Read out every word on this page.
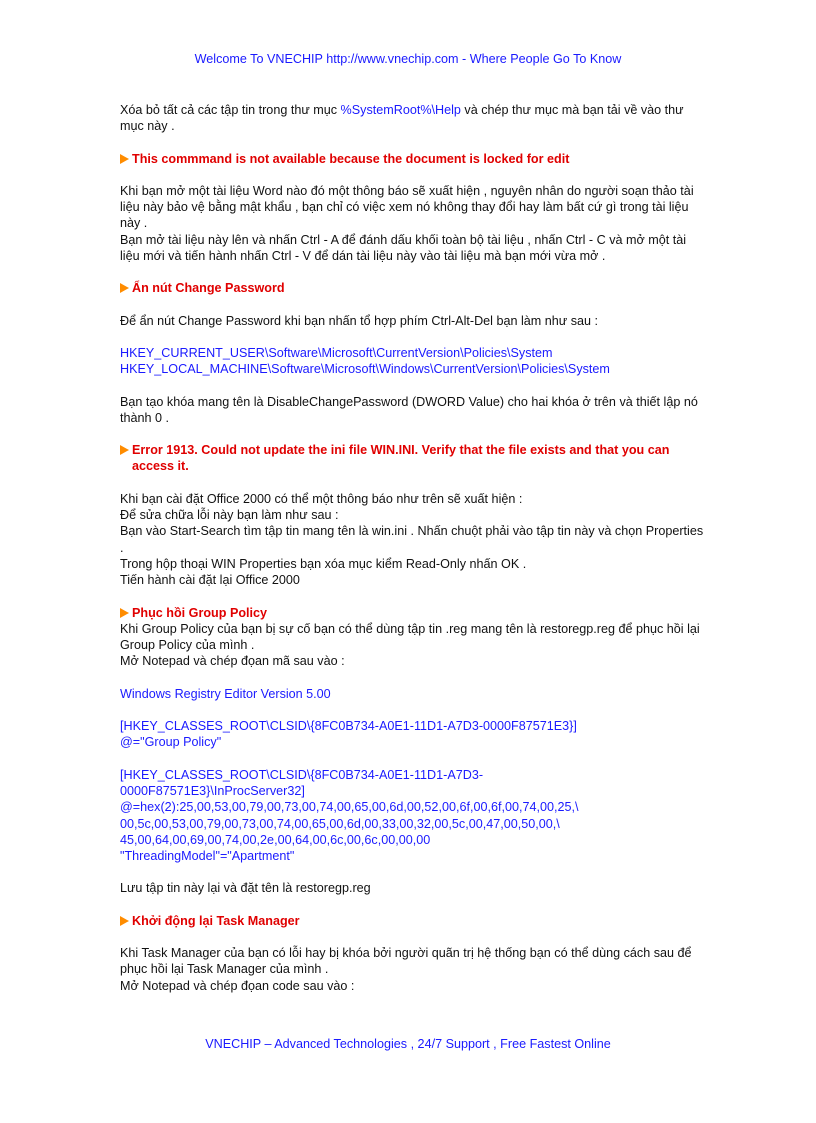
Welcome To VNECHIP http://www.vnechip.com - Where People Go To Know

Xóa bỏ tất cả các tập tin trong thư mục %SystemRoot%\Help và chép thư mục mà bạn tải về vào thư mục này .

This commmand is not available because the document is locked for edit

Khi bạn mở một tài liệu Word nào đó một thông báo sẽ xuất hiện , nguyên nhân do người soạn thảo tài liệu này bảo vệ bằng mật khẩu , bạn chỉ có việc xem nó không thay đổi hay làm bất cứ gì trong tài liệu này .

Bạn mở tài liệu này lên và nhấn Ctrl - A để đánh dấu khối toàn bộ tài liệu , nhấn Ctrl - C và mở một tài liệu mới và tiến hành nhấn Ctrl - V để dán tài liệu này vào tài liệu mà bạn mới vừa mở .

Ẩn nút Change Password

Để ẩn nút Change Password khi bạn nhấn tổ hợp phím Ctrl-Alt-Del bạn làm như sau :

HKEY_CURRENT_USER\Software\Microsoft\CurrentVersion\Policies\System

HKEY_LOCAL_MACHINE\Software\Microsoft\Windows\CurrentVersion\Policies\System

Bạn tạo khóa mang tên là DisableChangePassword (DWORD Value) cho hai khóa ở trên và thiết lập nó thành 0 .

Error 1913. Could not update the ini file WIN.INI. Verify that the file exists and that you can access it.

Khi bạn cài đặt Office 2000 có thể một thông báo như trên sẽ xuất hiện :

Để sửa chữa lỗi này bạn làm như sau :

Bạn vào Start-Search tìm tập tin mang tên là win.ini . Nhấn chuột phải vào tập tin này và chọn Properties .

Trong hộp thoại WIN Properties bạn xóa mục kiểm Read-Only nhấn OK .

Tiến hành cài đặt lại Office 2000

Phục hồi Group Policy

Khi Group Policy của bạn bị sự cố bạn có thể dùng tập tin .reg mang tên là restoregp.reg để phục hồi lại Group Policy của mình .

Mở Notepad và chép đọan mã sau vào :

Windows Registry Editor Version 5.00

[HKEY_CLASSES_ROOT\CLSID\{8FC0B734-A0E1-11D1-A7D3-0000F87571E3}]

@="Group Policy"

[HKEY_CLASSES_ROOT\CLSID\{8FC0B734-A0E1-11D1-A7D3-

0000F87571E3}\InProcServer32]

@=hex(2):25,00,53,00,79,00,73,00,74,00,65,00,6d,00,52,00,6f,00,6f,00,74,00,25,\

00,5c,00,53,00,79,00,73,00,74,00,65,00,6d,00,33,00,32,00,5c,00,47,00,50,00,\

45,00,64,00,69,00,74,00,2e,00,64,00,6c,00,6c,00,00,00

"ThreadingModel"="Apartment"

Lưu tập tin này lại và đặt tên là restoregp.reg

Khởi động lại Task Manager

Khi Task Manager của bạn có lỗi hay bị khóa bởi người quãn trị hệ thống bạn có thể dùng cách sau để phục hồi lại Task Manager của mình .

Mở Notepad và chép đọan code sau vào :

VNECHIP – Advanced Technologies , 24/7 Support , Free Fastest Online
